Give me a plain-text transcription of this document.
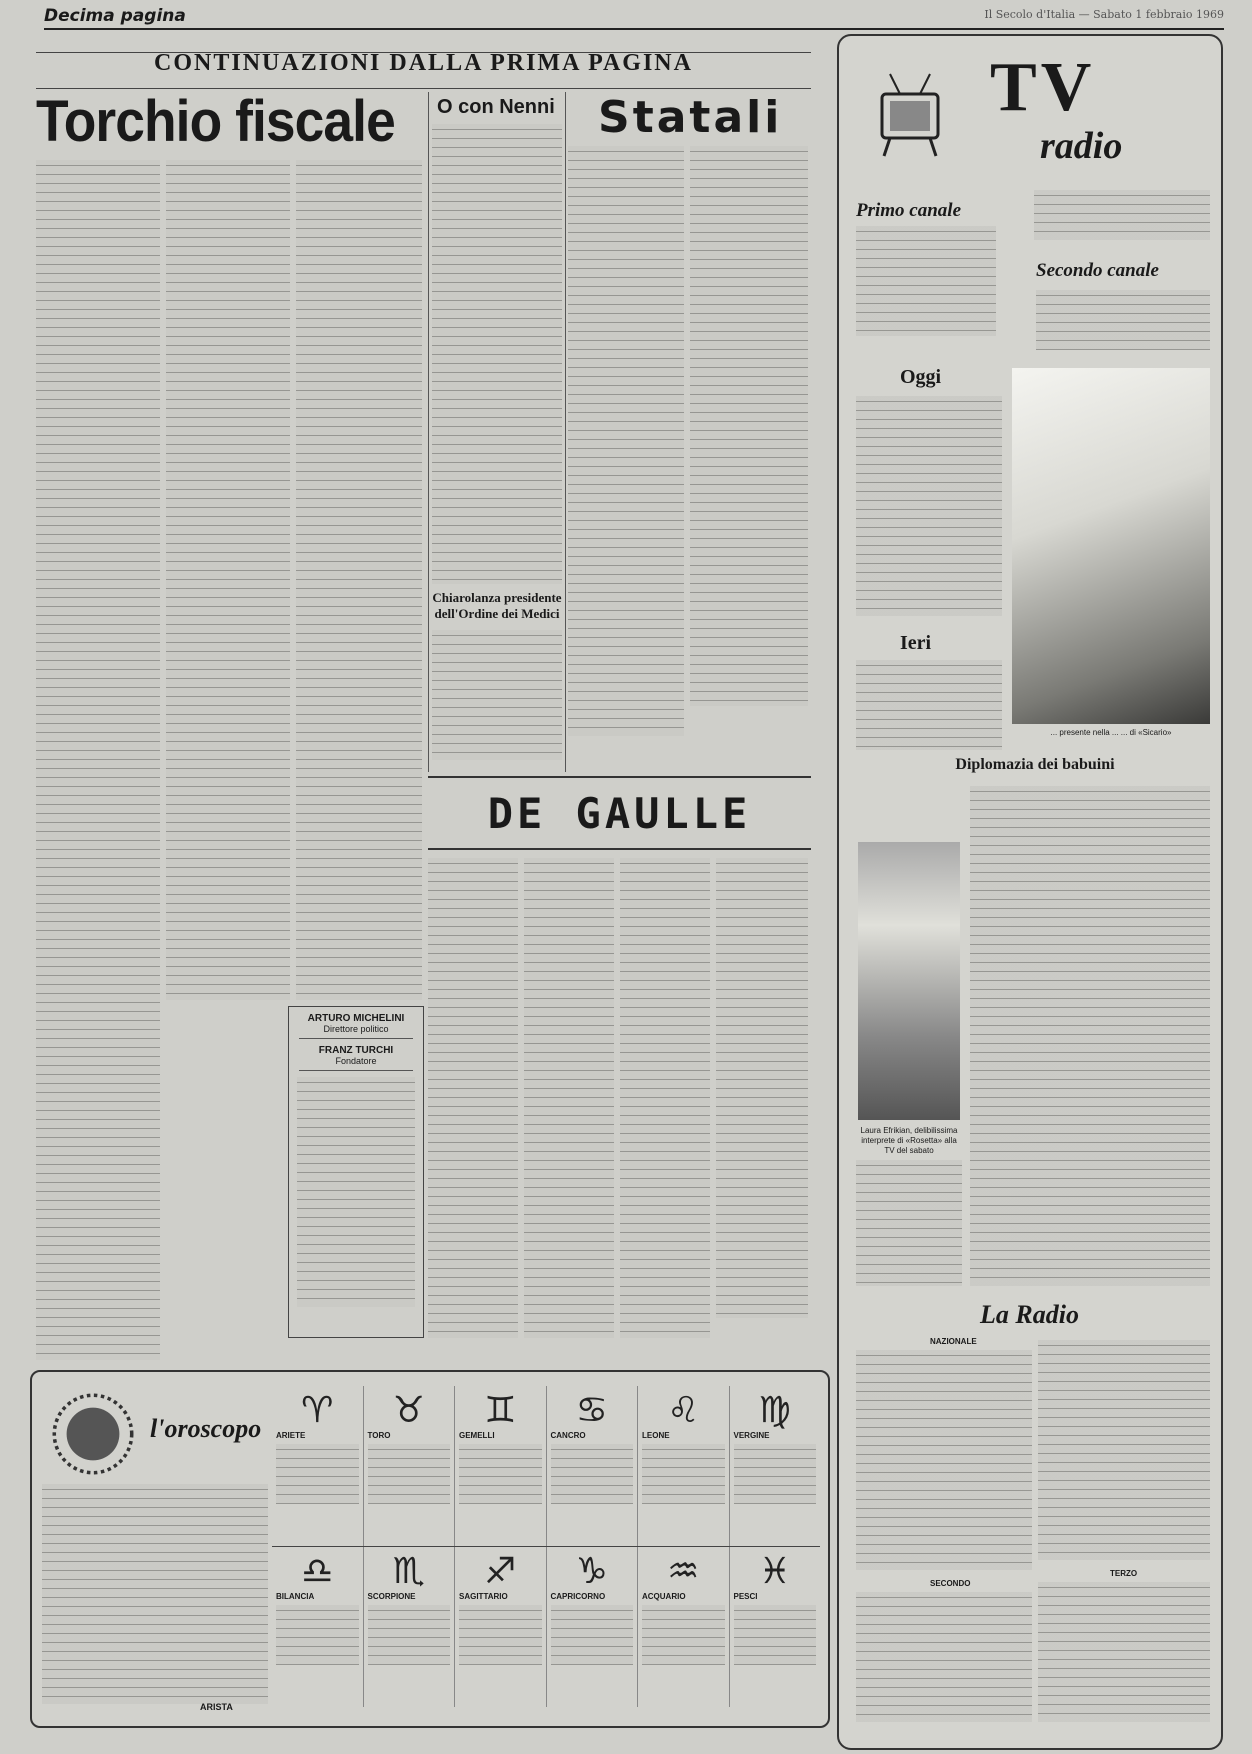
Decima pagina	Il Secolo d'Italia — Sabato 1 febbraio 1969
CONTINUAZIONI DALLA PRIMA PAGINA
Torchio fiscale O con Nenni Statali
Chiarolanza presidente dell'Ordine dei Medici
DE GAULLE
ARTURO MICHELINI
Direttore politico
FRANZ TURCHI
Fondatore
TV
radio
Primo canale
Secondo canale
Oggi
... presente nella ... ... di «Sicario»
Ieri
Diplomazia dei babuini
Laura Efrikian, delibilissima interprete di «Rosetta» alla TV del sabato
La Radio
NAZIONALE
SECONDO
TERZO
l'oroscopo
ARISTA
♈
ARIETE
♉
TORO
♊
GEMELLI
♋
CANCRO
♌
LEONE
♍
VERGINE
♎
BILANCIA
♏
SCORPIONE
♐
SAGITTARIO
♑
CAPRICORNO
♒
ACQUARIO
♓
PESCI
